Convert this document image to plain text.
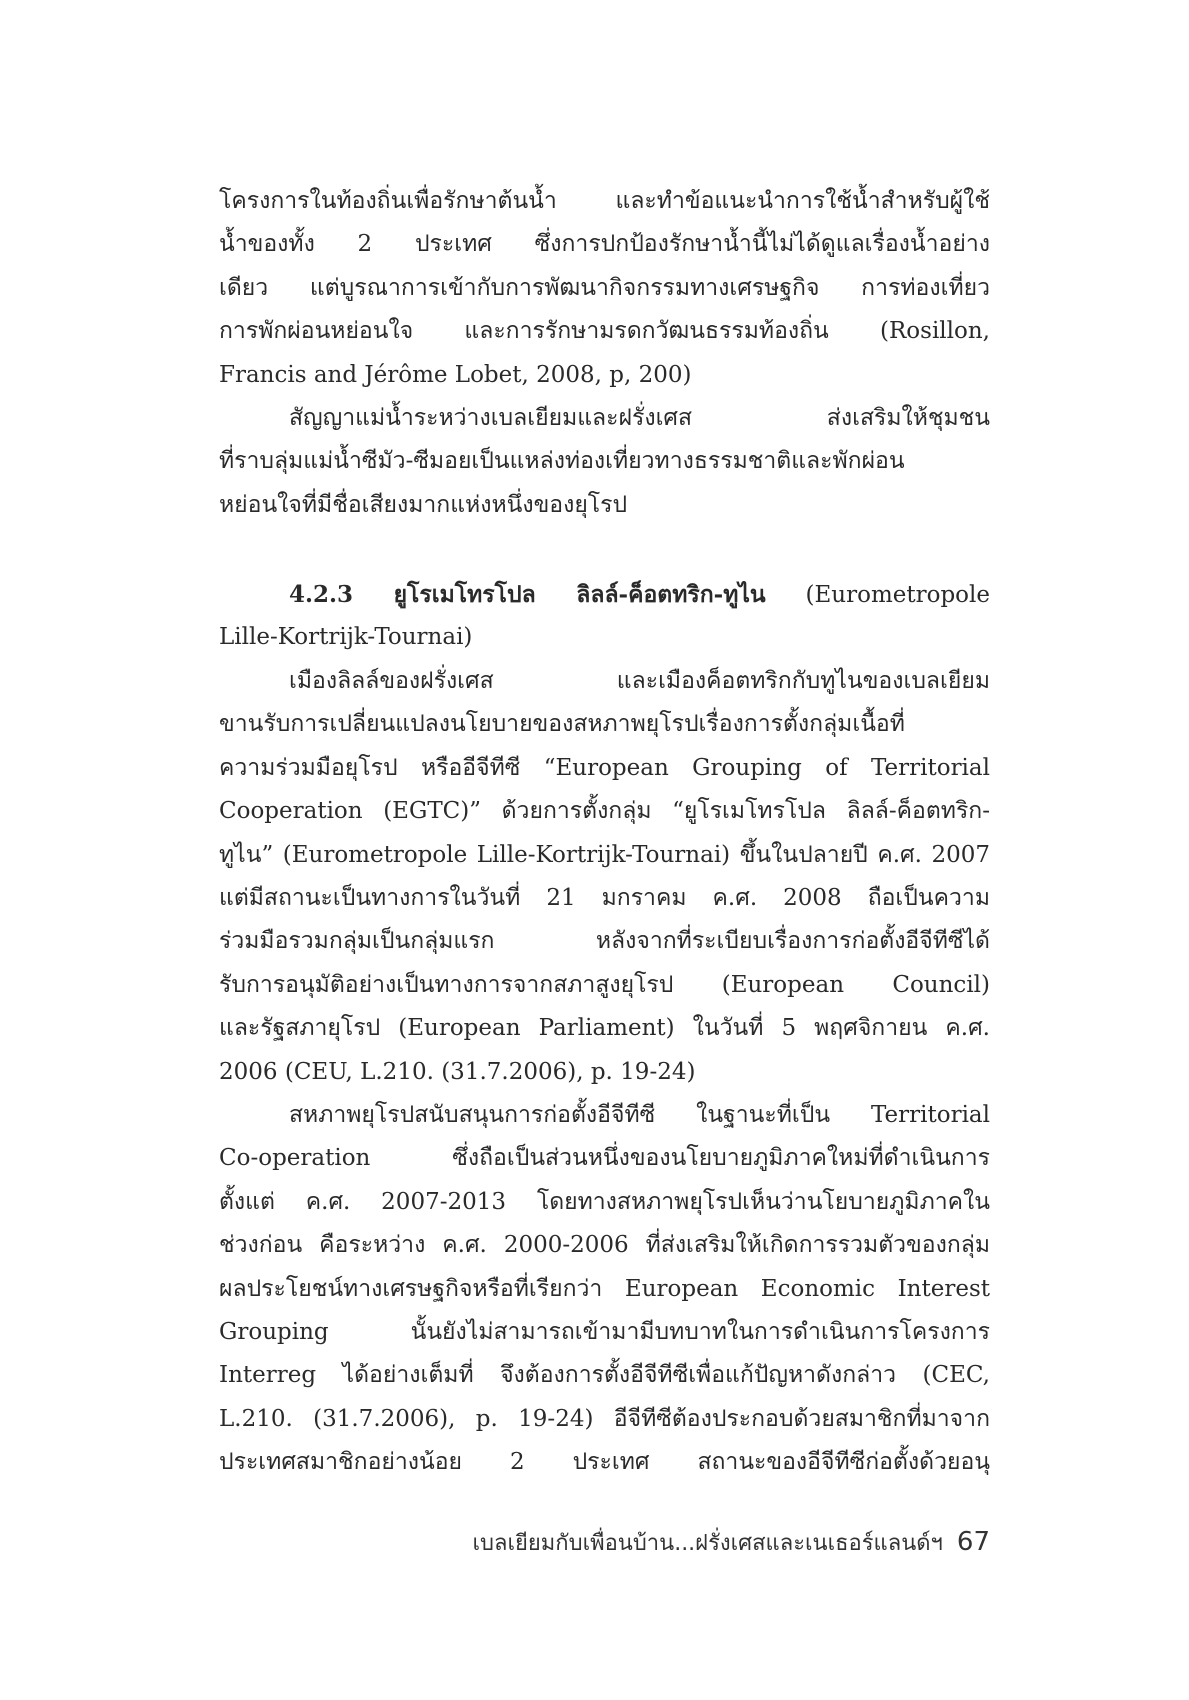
โครงการในท้องถิ่นเพื่อรักษาต้นน้ำ และทำข้อแนะนำการใช้น้ำสำหรับผู้ใช้
น้ำของทั้ง 2 ประเทศ ซึ่งการปกป้องรักษาน้ำนี้ไม่ได้ดูแลเรื่องน้ำอย่าง
เดียว แต่บูรณาการเข้ากับการพัฒนากิจกรรมทางเศรษฐกิจ การท่องเที่ยว
การพักผ่อนหย่อนใจ และการรักษามรดกวัฒนธรรมท้องถิ่น (Rosillon,
Francis and Jérôme Lobet, 2008, p, 200)
สัญญาแม่น้ำระหว่างเบลเยียมและฝรั่งเศส ส่งเสริมให้ชุมชน
ที่ราบลุ่มแม่น้ำซีมัว-ซีมอยเป็นแหล่งท่องเที่ยวทางธรรมชาติและพักผ่อน
หย่อนใจที่มีชื่อเสียงมากแห่งหนึ่งของยุโรป
4.2.3 ยูโรเมโทรโปล ลิลล์-ค็อตทริก-ทูไน (Eurometropole
Lille-Kortrijk-Tournai)
เมืองลิลล์ของฝรั่งเศส และเมืองค็อตทริกกับทูไนของเบลเยียม
ขานรับการเปลี่ยนแปลงนโยบายของสหภาพยุโรปเรื่องการตั้งกลุ่มเนื้อที่
ความร่วมมือยุโรป หรืออีจีทีซี “European Grouping of Territorial
Cooperation (EGTC)” ด้วยการตั้งกลุ่ม “ยูโรเมโทรโปล ลิลล์-ค็อตทริก-
ทูไน” (Eurometropole Lille-Kortrijk-Tournai) ขึ้นในปลายปี ค.ศ. 2007
แต่มีสถานะเป็นทางการในวันที่ 21 มกราคม ค.ศ. 2008 ถือเป็นความ
ร่วมมือรวมกลุ่มเป็นกลุ่มแรก หลังจากที่ระเบียบเรื่องการก่อตั้งอีจีทีซีได้
รับการอนุมัติอย่างเป็นทางการจากสภาสูงยุโรป (European Council)
และรัฐสภายุโรป (European Parliament) ในวันที่ 5 พฤศจิกายน ค.ศ.
2006 (CEU, L.210. (31.7.2006), p. 19-24)
สหภาพยุโรปสนับสนุนการก่อตั้งอีจีทีซี ในฐานะที่เป็น Territorial
Co-operation ซึ่งถือเป็นส่วนหนึ่งของนโยบายภูมิภาคใหม่ที่ดำเนินการ
ตั้งแต่ ค.ศ. 2007-2013 โดยทางสหภาพยุโรปเห็นว่านโยบายภูมิภาคใน
ช่วงก่อน คือระหว่าง ค.ศ. 2000-2006 ที่ส่งเสริมให้เกิดการรวมตัวของกลุ่ม
ผลประโยชน์ทางเศรษฐกิจหรือที่เรียกว่า European Economic Interest
Grouping นั้นยังไม่สามารถเข้ามามีบทบาทในการดำเนินการโครงการ
Interreg ได้อย่างเต็มที่ จึงต้องการตั้งอีจีทีซีเพื่อแก้ปัญหาดังกล่าว (CEC,
L.210. (31.7.2006), p. 19-24) อีจีทีซีต้องประกอบด้วยสมาชิกที่มาจาก
ประเทศสมาชิกอย่างน้อย 2 ประเทศ สถานะของอีจีทีซีก่อตั้งด้วยอนุ
เบลเยียมกับเพื่อนบ้าน...ฝรั่งเศสและเนเธอร์แลนด์ฯ 67
